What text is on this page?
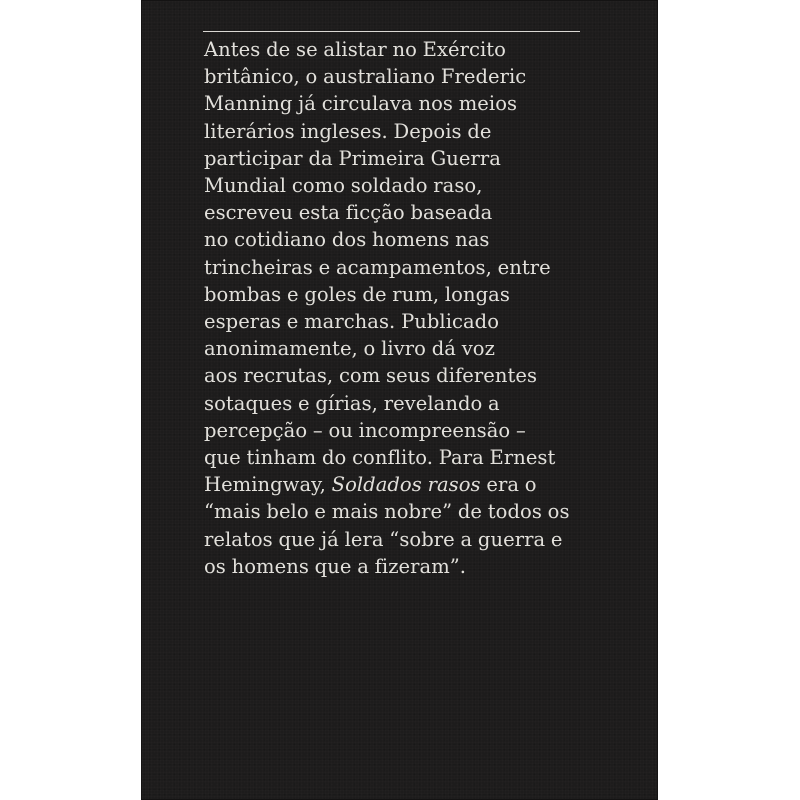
Antes de se alistar no Exército
britânico, o australiano Frederic
Manning já circulava nos meios
literários ingleses. Depois de
participar da Primeira Guerra
Mundial como soldado raso,
escreveu esta ficção baseada
no cotidiano dos homens nas
trincheiras e acampamentos, entre
bombas e goles de rum, longas
esperas e marchas. Publicado
anonimamente, o livro dá voz
aos recrutas, com seus diferentes
sotaques e gírias, revelando a
percepção – ou incompreensão –
que tinham do conflito. Para Ernest
Hemingway, Soldados rasos era o
“mais belo e mais nobre” de todos os
relatos que já lera “sobre a guerra e
os homens que a fizeram”.
